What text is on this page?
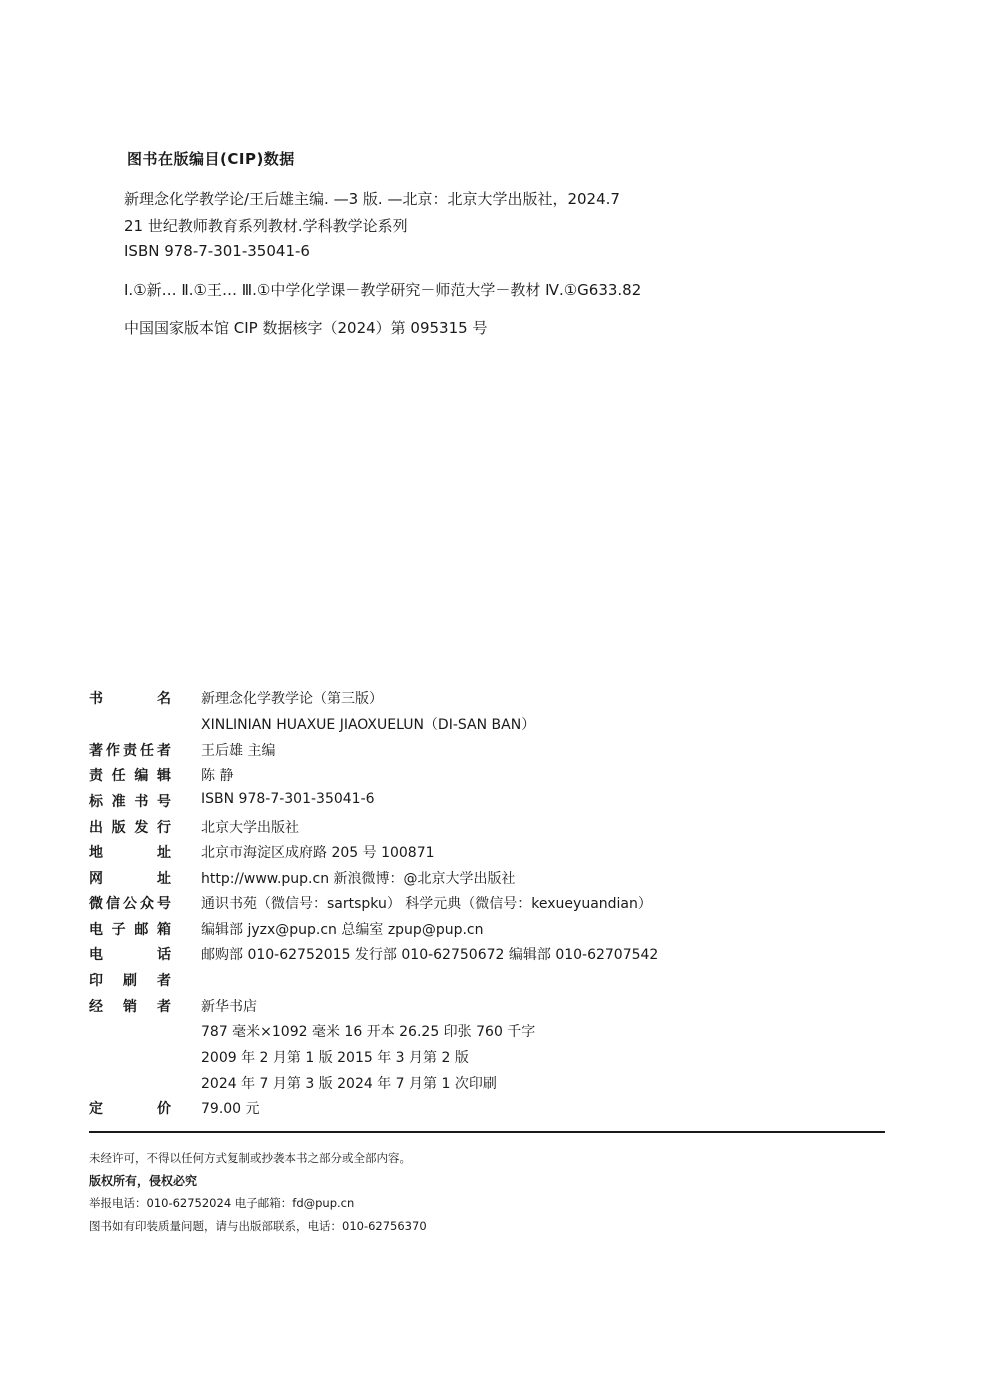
图书在版编目(CIP)数据
新理念化学教学论/王后雄主编. —3 版. —北京：北京大学出版社，2024.7
21 世纪教师教育系列教材.学科教学论系列
ISBN 978-7-301-35041-6
Ⅰ.①新… Ⅱ.①王… Ⅲ.①中学化学课－教学研究－师范大学－教材 Ⅳ.①G633.82
中国国家版本馆 CIP 数据核字（2024）第 095315 号
书名 新理念化学教学论（第三版）
XINLINIAN HUAXUE JIAOXUELUN（DI-SAN BAN）
著作责任者 王后雄 主编
责任编辑 陈 静
标准书号 ISBN 978-7-301-35041-6
出版发行 北京大学出版社
地址 北京市海淀区成府路 205 号 100871
网址 http://www.pup.cn 新浪微博：@北京大学出版社
微信公众号 通识书苑（微信号：sartspku） 科学元典（微信号：kexueyuandian）
电子邮箱 编辑部 jyzx@pup.cn 总编室 zpup@pup.cn
电话 邮购部 010-62752015 发行部 010-62750672 编辑部 010-62707542
印刷者
经销者 新华书店
787 毫米×1092 毫米 16 开本 26.25 印张 760 千字
2009 年 2 月第 1 版 2015 年 3 月第 2 版
2024 年 7 月第 3 版 2024 年 7 月第 1 次印刷
定价 79.00 元
未经许可，不得以任何方式复制或抄袭本书之部分或全部内容。
版权所有，侵权必究
举报电话：010-62752024 电子邮箱：fd@pup.cn
图书如有印装质量问题，请与出版部联系，电话：010-62756370
